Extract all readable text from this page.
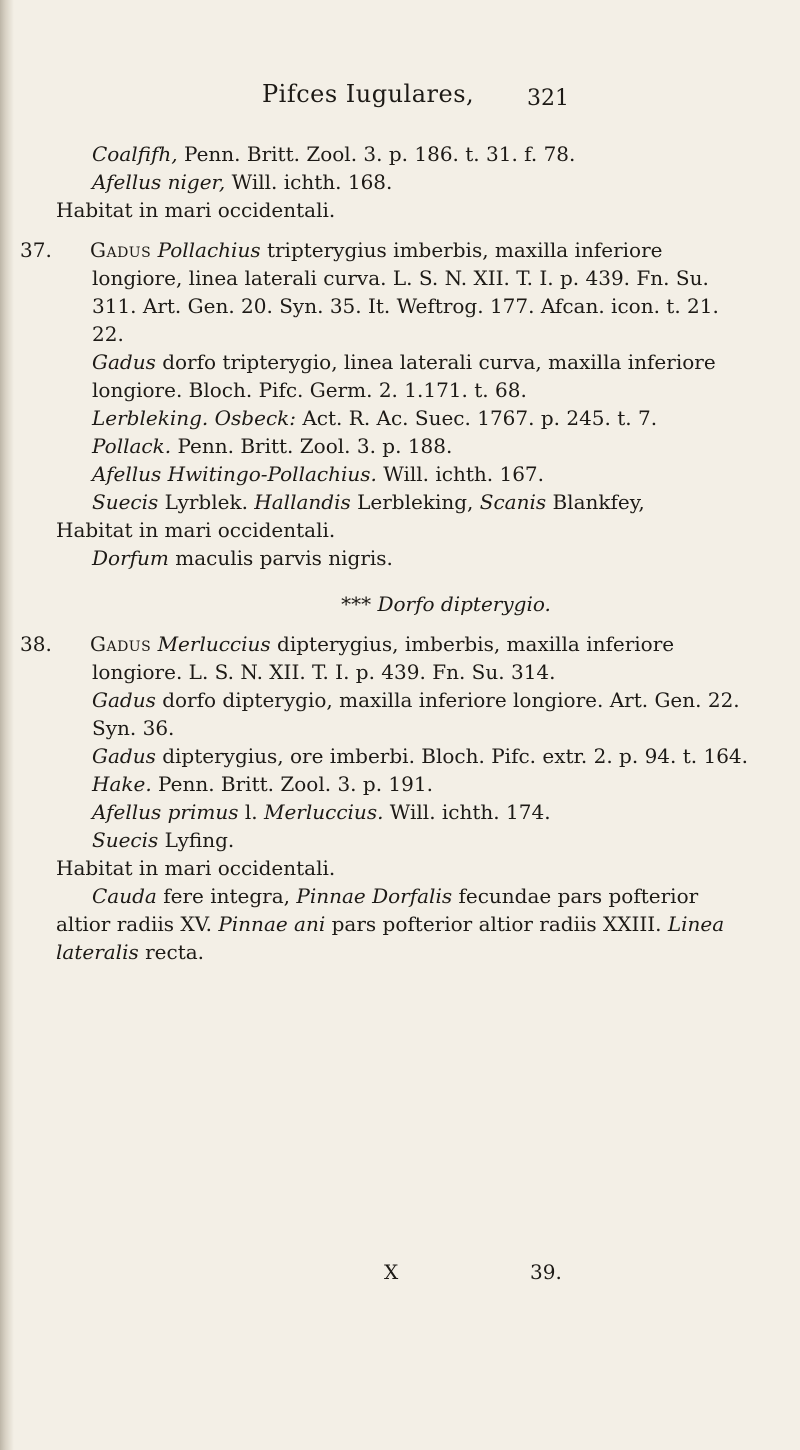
Pifces Iugulares, 321

Coalfifh, Penn. Britt. Zool. 3. p. 186. t. 31. f. 78.

Afellus niger, Will. ichth. 168.

Habitat in mari occidentali.

37. Gadus Pollachius tripterygius imberbis, maxilla inferiore longiore, linea laterali curva. L. S. N. XII. T. I. p. 439. Fn. Su. 311. Art. Gen. 20. Syn. 35. It. Weftrog. 177. Afcan. icon. t. 21. 22.

Gadus dorfo tripterygio, linea laterali curva, maxilla inferiore longiore. Bloch. Pifc. Germ. 2. 1.171. t. 68.

Lerbleking. Osbeck: Act. R. Ac. Suec. 1767. p. 245. t. 7.

Pollack. Penn. Britt. Zool. 3. p. 188.

Afellus Hwitingo-Pollachius. Will. ichth. 167.

Suecis Lyrblek. Hallandis Lerbleking, Scanis Blankfey,

Habitat in mari occidentali.

Dorfum maculis parvis nigris.

*** Dorfo dipterygio.

38. Gadus Merluccius dipterygius, imberbis, maxilla inferiore longiore. L. S. N. XII. T. I. p. 439. Fn. Su. 314.

Gadus dorfo dipterygio, maxilla inferiore longiore. Art. Gen. 22. Syn. 36.

Gadus dipterygius, ore imberbi. Bloch. Pifc. extr. 2. p. 94. t. 164.

Hake. Penn. Britt. Zool. 3. p. 191.

Afellus primus l. Merluccius. Will. ichth. 174.

Suecis Lyfing.

Habitat in mari occidentali.

Cauda fere integra, Pinnae Dorfalis fecundae pars pofterior altior radiis XV. Pinnae ani pars pofterior altior radiis XXIII. Linea lateralis recta.

X	39.
